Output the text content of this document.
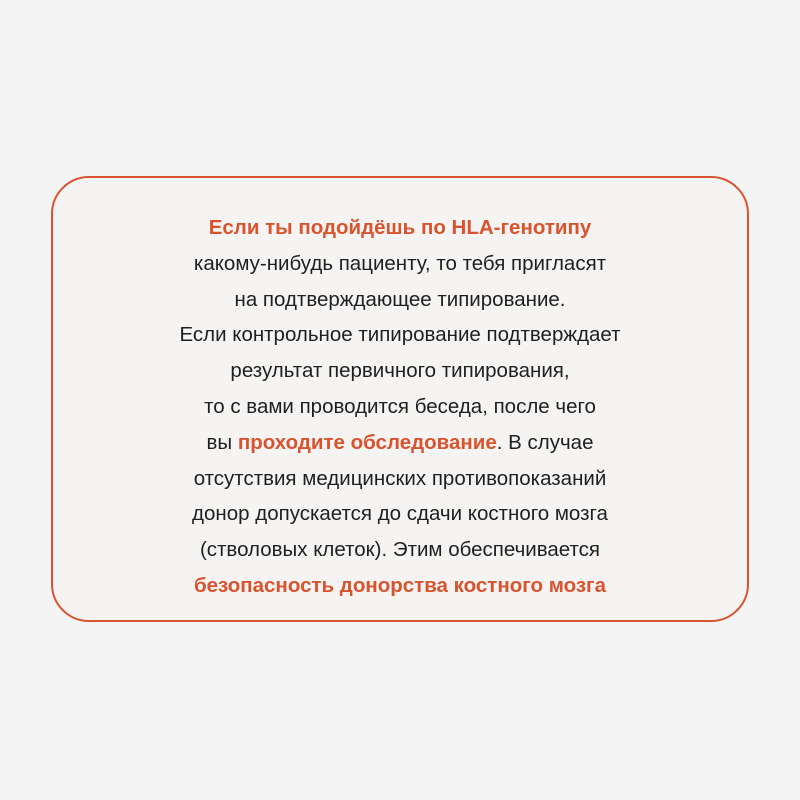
Если ты подойдёшь по HLA-генотипу
какому-нибудь пациенту, то тебя пригласят
на подтверждающее типирование.
Если контрольное типирование подтверждает
результат первичного типирования,
то с вами проводится беседа, после чего
вы проходите обследование. В случае
отсутствия медицинских противопоказаний
донор допускается до сдачи костного мозга
(стволовых клеток). Этим обеспечивается
безопасность донорства костного мозга
